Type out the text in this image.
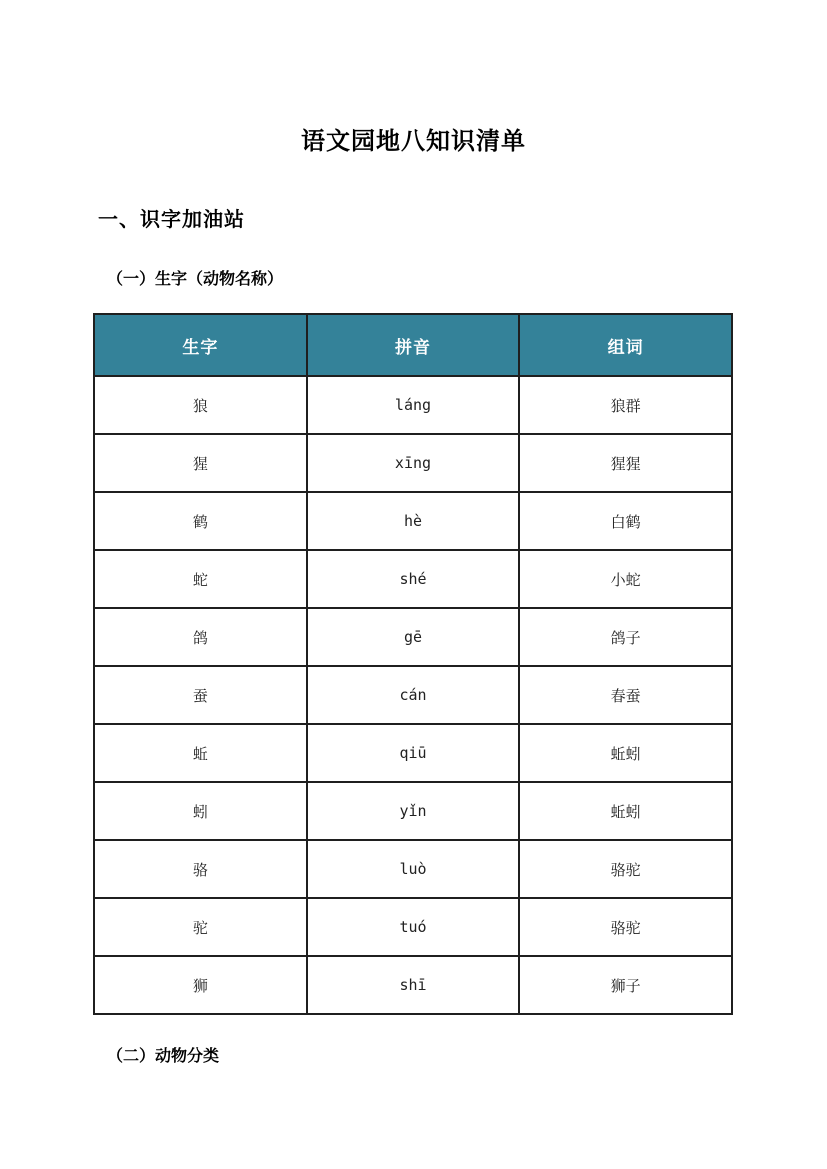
语文园地八知识清单
一、识字加油站
（一）生字（动物名称）
生字	拼音	组词
狼	láng	狼群
猩	xīng	猩猩
鹤	hè	白鹤
蛇	shé	小蛇
鸽	gē	鸽子
蚕	cán	春蚕
蚯	qiū	蚯蚓
蚓	yǐn	蚯蚓
骆	luò	骆驼
驼	tuó	骆驼
狮	shī	狮子
（二）动物分类
